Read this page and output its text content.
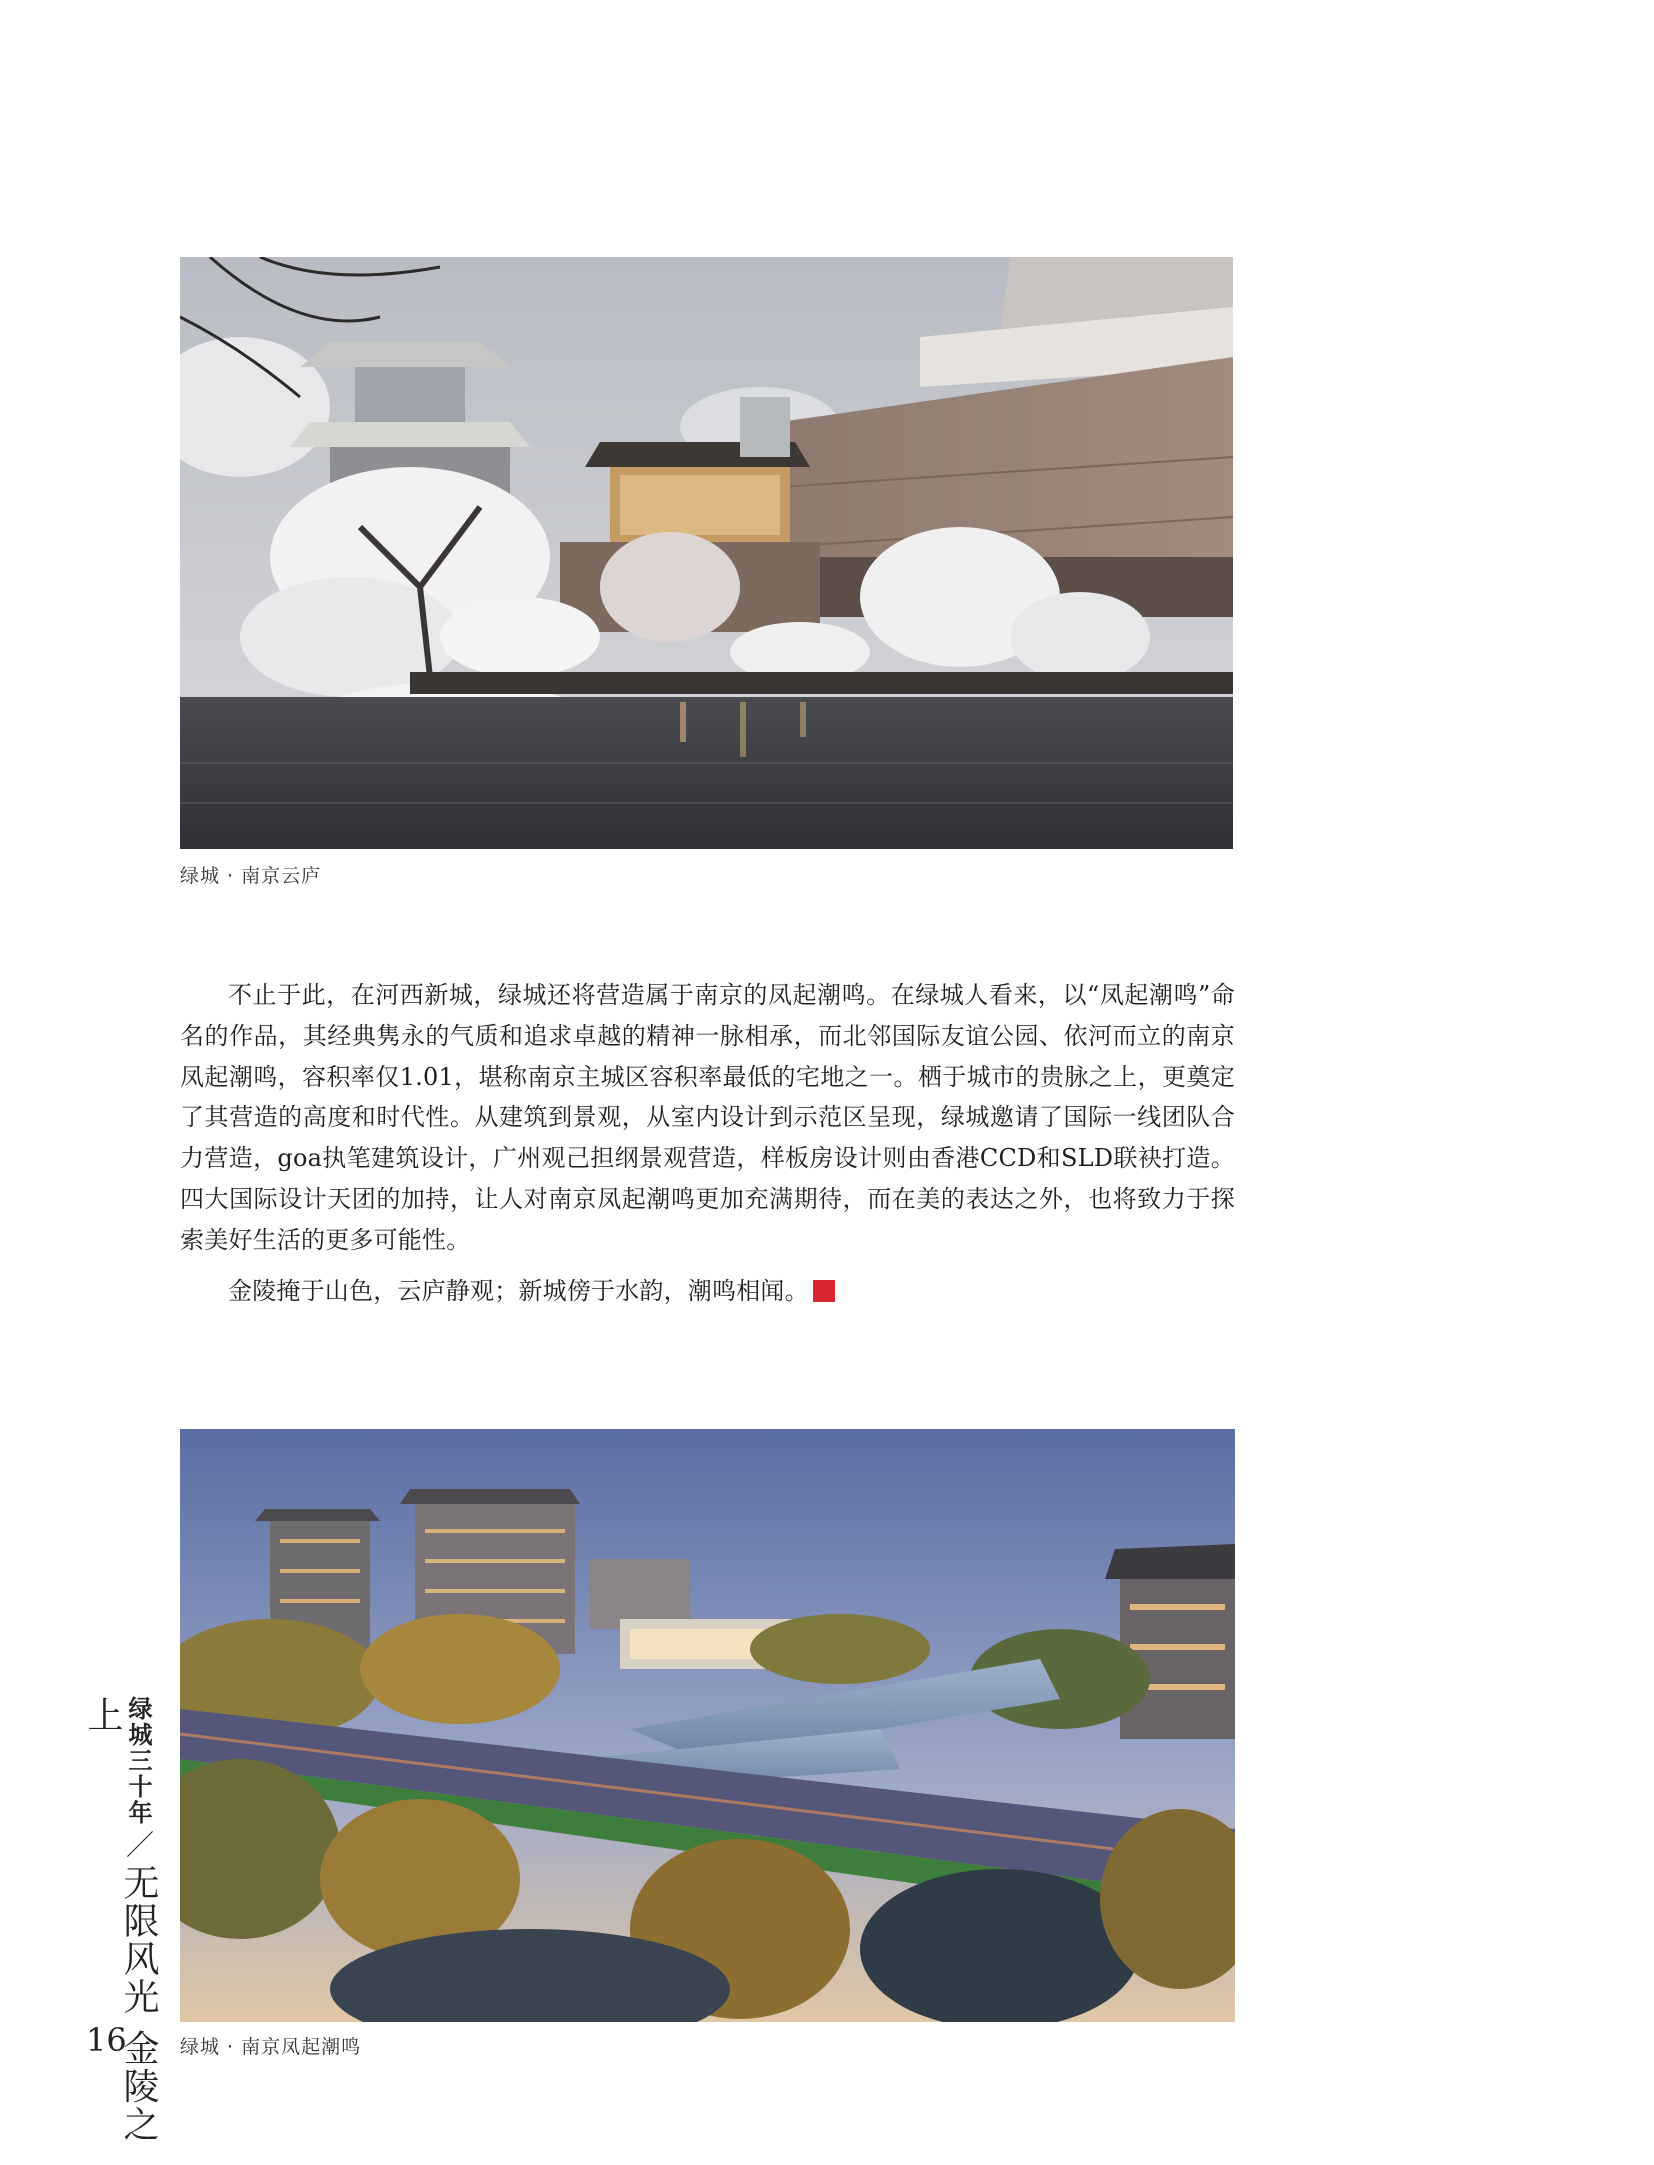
绿城 · 南京云庐

不止于此，在河西新城，绿城还将营造属于南京的凤起潮鸣。在绿城人看来，以“凤起潮鸣”命名的作品，其经典隽永的气质和追求卓越的精神一脉相承，而北邻国际友谊公园、依河而立的南京凤起潮鸣，容积率仅1.01，堪称南京主城区容积率最低的宅地之一。栖于城市的贵脉之上，更奠定了其营造的高度和时代性。从建筑到景观，从室内设计到示范区呈现，绿城邀请了国际一线团队合力营造，goa执笔建筑设计，广州观己担纲景观营造，样板房设计则由香港CCD和SLD联袂打造。四大国际设计天团的加持，让人对南京凤起潮鸣更加充满期待，而在美的表达之外，也将致力于探索美好生活的更多可能性。

金陵掩于山色，云庐静观；新城傍于水韵，潮鸣相闻。

绿城 · 南京凤起潮鸣
绿城三十年／无限风光 金陵之上
16
